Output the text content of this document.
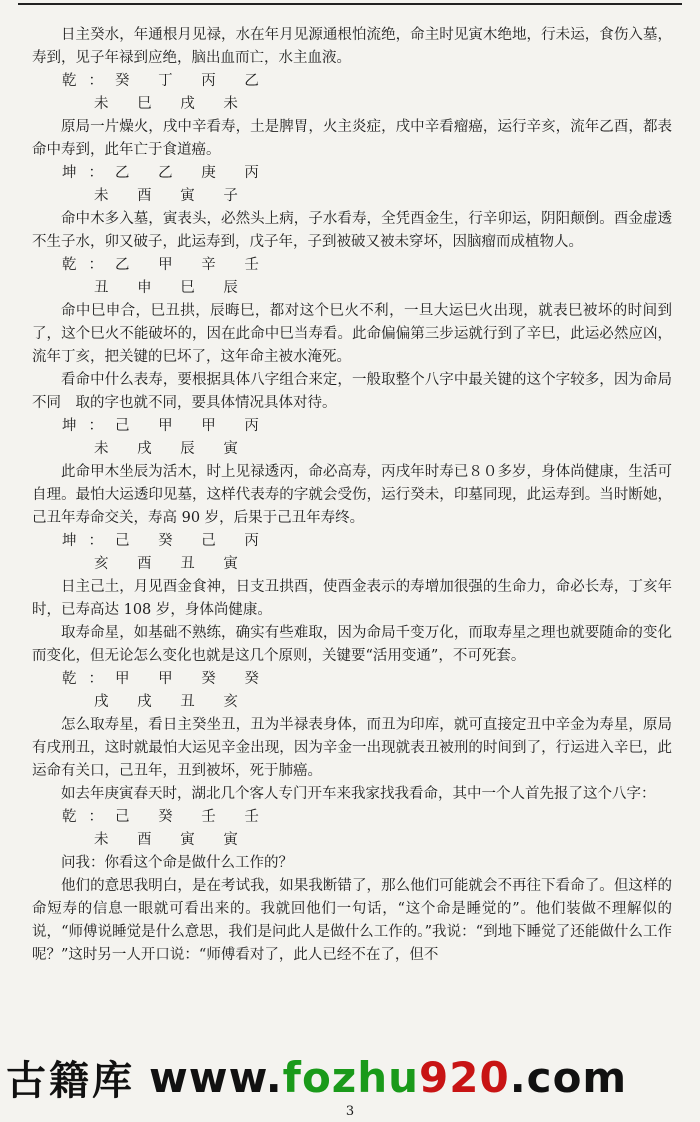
日主癸水，年通根月见禄，水在年月见源通根怕流绝，命主时见寅木绝地，行未运，食伤入墓，寿到，见子年禄到应绝，脑出血而亡，水主血液。

乾：癸 丁 丙 乙

未 巳 戌 未

原局一片燥火，戌中辛看寿，土是脾胃，火主炎症，戌中辛看瘤癌，运行辛亥，流年乙酉，都表命中寿到，此年亡于食道癌。

坤：乙 乙 庚 丙

未 酉 寅 子

命中木多入墓，寅表头，必然头上病，子水看寿，全凭酉金生，行辛卯运，阴阳颠倒。酉金虚透不生子水，卯又破子，此运寿到，戊子年，子到被破又被未穿坏，因脑瘤而成植物人。

乾：乙 甲 辛 壬

丑 申 巳 辰

命中巳申合，巳丑拱，辰晦巳，都对这个巳火不利，一旦大运巳火出现，就表巳被坏的时间到了，这个巳火不能破坏的，因在此命中巳当寿看。此命偏偏第三步运就行到了辛巳，此运必然应凶，流年丁亥，把关键的巳坏了，这年命主被水淹死。

看命中什么表寿，要根据具体八字组合来定，一般取整个八字中最关键的这个字较多，因为命局不同　取的字也就不同，要具体情况具体对待。

坤：己 甲 甲 丙

未 戌 辰 寅

此命甲木坐辰为活木，时上见禄透丙，命必高寿，丙戌年时寿已８０多岁，身体尚健康，生活可自理。最怕大运透印见墓，这样代表寿的字就会受伤，运行癸未，印墓同现，此运寿到。当时断她，己丑年寿命交关，寿高 90 岁，后果于己丑年寿终。

坤：己 癸 己 丙

亥 酉 丑 寅

日主己土，月见酉金食神，日支丑拱酉，使酉金表示的寿增加很强的生命力，命必长寿，丁亥年时，已寿高达 108 岁，身体尚健康。

取寿命星，如基础不熟练，确实有些难取，因为命局千变万化，而取寿星之理也就要随命的变化而变化，但无论怎么变化也就是这几个原则，关键要“活用变通”，不可死套。

乾：甲 甲 癸 癸

戌 戌 丑 亥

怎么取寿星，看日主癸坐丑，丑为半禄表身体，而丑为印库，就可直接定丑中辛金为寿星，原局有戌刑丑，这时就最怕大运见辛金出现，因为辛金一出现就表丑被刑的时间到了，行运进入辛巳，此运命有关口，己丑年，丑到被坏，死于肺癌。

如去年庚寅春天时，湖北几个客人专门开车来我家找我看命，其中一个人首先报了这个八字：

乾：己 癸 壬 壬

未 酉 寅 寅

问我：你看这个命是做什么工作的？

他们的意思我明白，是在考试我，如果我断错了，那么他们可能就会不再往下看命了。但这样的命短寿的信息一眼就可看出来的。我就回他们一句话，“这个命是睡觉的”。他们装做不理解似的说，“师傅说睡觉是什么意思，我们是问此人是做什么工作的。”我说：“到地下睡觉了还能做什么工作呢？”这时另一人开口说：“师傅看对了，此人已经不在了，但不

古籍库 www.fozhu920.com
3
